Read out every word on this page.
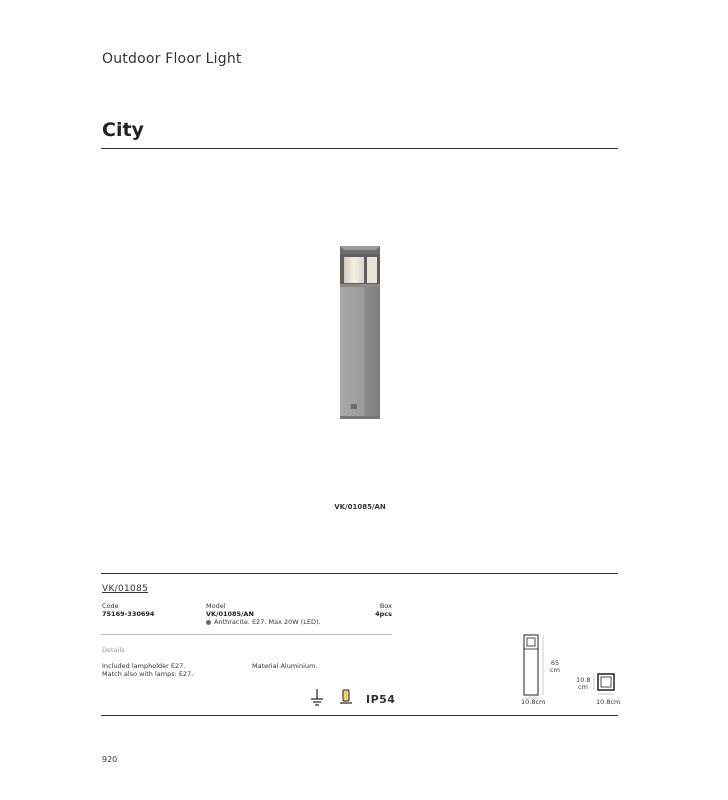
Outdoor Floor Light
City
VK/01085/AN
VK/01085
Code
75169-330694
Model
VK/01085/AN
Box
4pcs
Anthracite. E27. Max 20W (LED).
Details
Included lampholder E27.
Match also with lamps: E27.
Material Aluminium.
IP54
65
cm
10.8cm
10.8
cm
10.8cm
920
